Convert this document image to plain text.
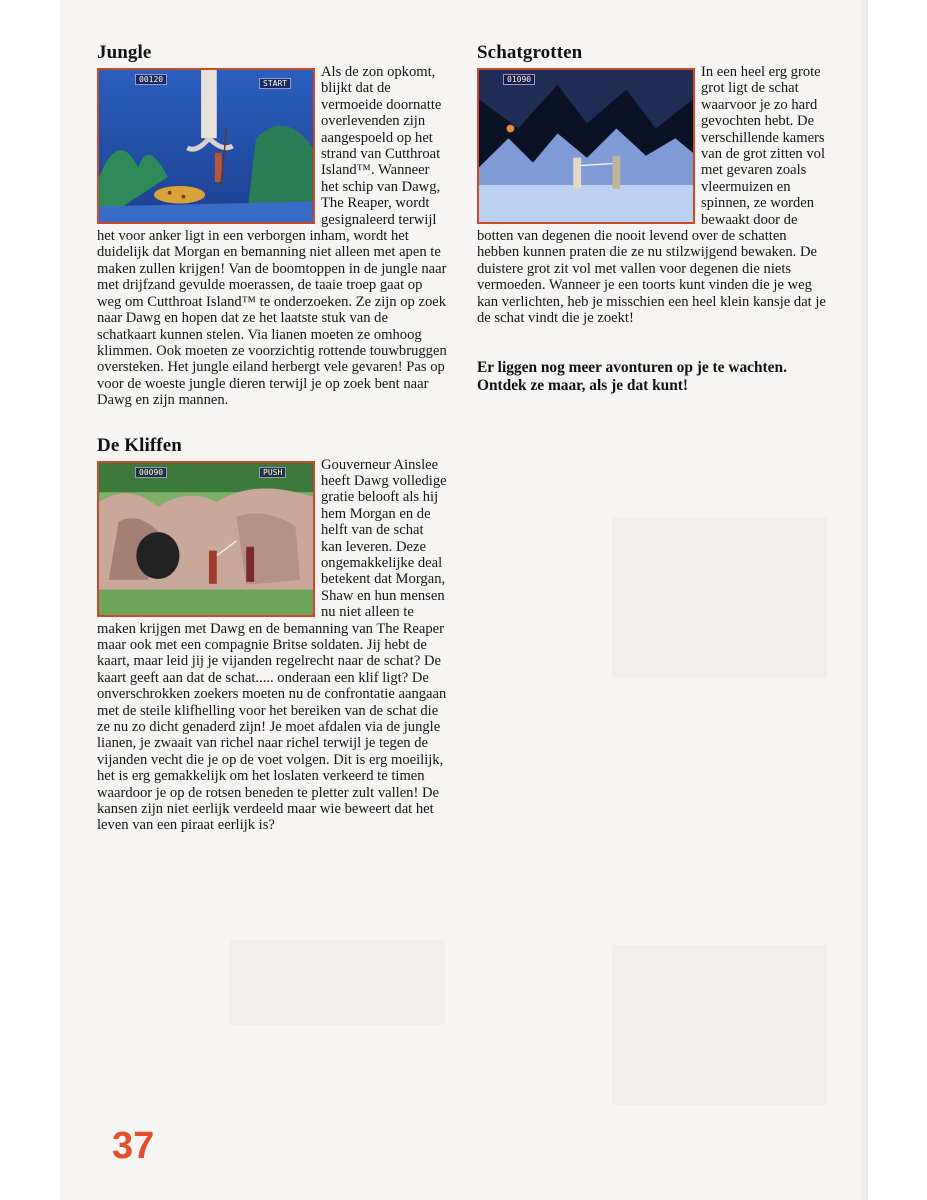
Jungle
00120	START

Als de zon opkomt, blijkt dat de vermoeide doornatte overlevenden zijn aangespoeld op het strand van Cutthroat Island™. Wanneer het schip van Dawg, The Reaper, wordt gesignaleerd terwijl het voor anker ligt in een verborgen inham, wordt het duidelijk dat Morgan en bemanning niet alleen met apen te maken zullen krijgen! Van de boomtoppen in de jungle naar met drijfzand gevulde moerassen, de taaie troep gaat op weg om Cutthroat Island™ te onderzoeken. Ze zijn op zoek naar Dawg en hopen dat ze het laatste stuk van de schatkaart kunnen stelen. Via lianen moeten ze omhoog klimmen. Ook moeten ze voorzichtig rottende touwbruggen oversteken. Het jungle eiland herbergt vele gevaren! Pas op voor de woeste jungle dieren terwijl je op zoek bent naar Dawg en zijn mannen.

De Kliffen
00090	PUSH	Gouverneur Ainslee heeft Dawg volledige gratie belooft als hij hem Morgan en de helft van de schat kan leveren. Deze ongemakkelijke deal betekent dat Morgan, Shaw en hun mensen nu niet alleen te maken krijgen met Dawg en de bemanning van The Reaper maar ook met een compagnie Britse soldaten. Jij hebt de kaart, maar leid jij je vijanden regelrecht naar de schat? De kaart geeft aan dat de schat..... onderaan een klif ligt? De onverschrokken zoekers moeten nu de confrontatie aangaan met de steile klifhelling voor het bereiken van de schat die ze nu zo dicht genaderd zijn! Je moet afdalen via de jungle lianen, je zwaait van richel naar richel terwijl je tegen de vijanden vecht die je op de voet volgen. Dit is erg moeilijk, het is erg gemakkelijk om het loslaten verkeerd te timen waardoor je op de rotsen beneden te pletter zult vallen! De kansen zijn niet eerlijk verdeeld maar wie beweert dat het leven van een piraat eerlijk is?

Schatgrotten
01090	In een heel erg grote grot ligt de schat waarvoor je zo hard gevochten hebt. De verschillende kamers van de grot zitten vol met gevaren zoals vleermuizen en spinnen, ze worden bewaakt door de botten van degenen die nooit levend over de schatten hebben kunnen praten die ze nu stilzwijgend bewaken. De duistere grot zit vol met vallen voor degenen die niets vermoeden. Wanneer je een toorts kunt vinden die je weg kan verlichten, heb je misschien een heel klein kansje dat je de schat vindt die je zoekt!

Er liggen nog meer avonturen op je te wachten. Ontdek ze maar, als je dat kunt!

37
